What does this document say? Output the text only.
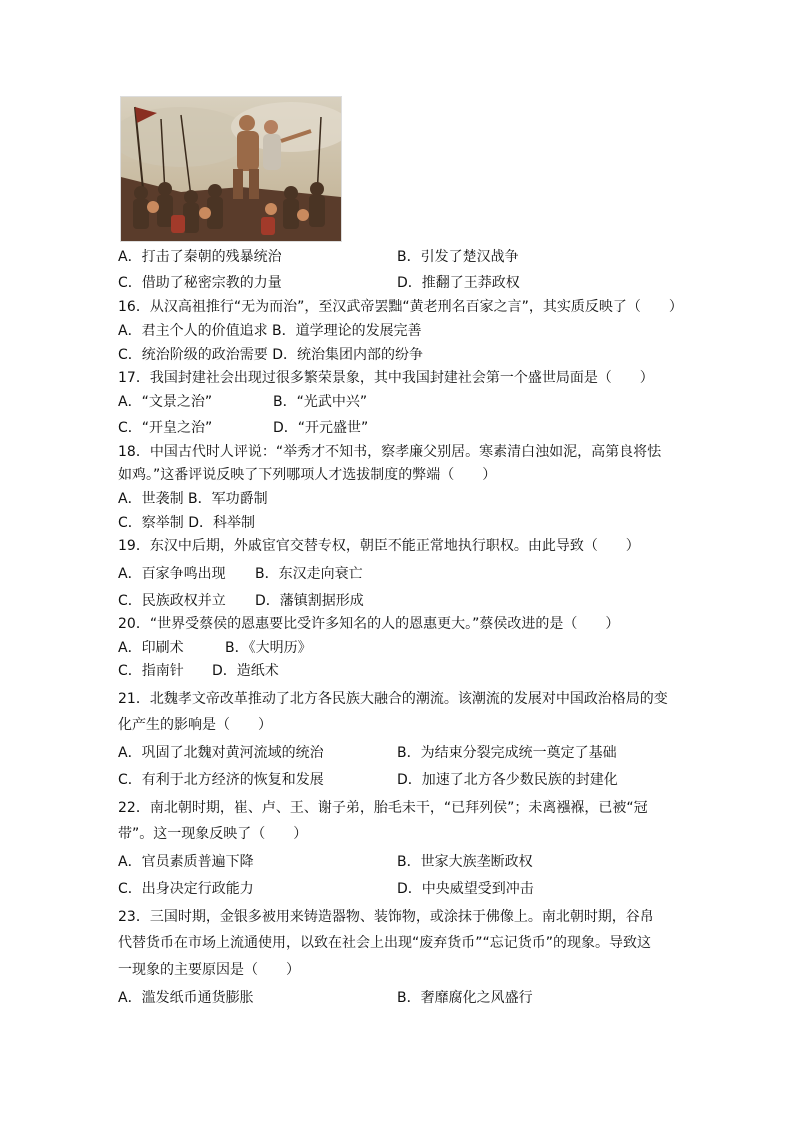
A．打击了秦朝的残暴统治	B．引发了楚汉战争
C．借助了秘密宗教的力量	D．推翻了王莽政权
16．从汉高祖推行“无为而治”，至汉武帝罢黜“黄老刑名百家之言”，其实质反映了（　　）
A．君主个人的价值追求 B．道学理论的发展完善
C．统治阶级的政治需要 D．统治集团内部的纷争
17．我国封建社会出现过很多繁荣景象，其中我国封建社会第一个盛世局面是（　　）
A．“文景之治”	B．“光武中兴”
C．“开皇之治”	D．“开元盛世”
18．中国古代时人评说：“举秀才不知书，察孝廉父别居。寒素清白浊如泥，高第良将怯
如鸡。”这番评说反映了下列哪项人才选拔制度的弊端（　　）
A．世袭制 B．军功爵制
C．察举制 D．科举制
19．东汉中后期，外戚宦官交替专权，朝臣不能正常地执行职权。由此导致（　　）
A．百家争鸣出现 B．东汉走向衰亡
C．民族政权并立 D．藩镇割据形成
20．“世界受蔡侯的恩惠要比受许多知名的人的恩惠更大。”蔡侯改进的是（　　）
A．印刷术	B．《大明历》
C．指南针 D．造纸术
21．北魏孝文帝改革推动了北方各民族大融合的潮流。该潮流的发展对中国政治格局的变
化产生的影响是（　　）
A．巩固了北魏对黄河流域的统治	B．为结束分裂完成统一奠定了基础
C．有利于北方经济的恢复和发展	D．加速了北方各少数民族的封建化
22．南北朝时期，崔、卢、王、谢子弟，胎毛未干，“已拜列侯”；未离襁褓，已被“冠
带”。这一现象反映了（　　）
A．官员素质普遍下降	B．世家大族垄断政权
C．出身决定行政能力	D．中央威望受到冲击
23．三国时期，金银多被用来铸造器物、装饰物，或涂抹于佛像上。南北朝时期，谷帛
代替货币在市场上流通使用，以致在社会上出现“废弃货币”“忘记货币”的现象。导致这
一现象的主要原因是（　　）
A．滥发纸币通货膨胀	B．奢靡腐化之风盛行
